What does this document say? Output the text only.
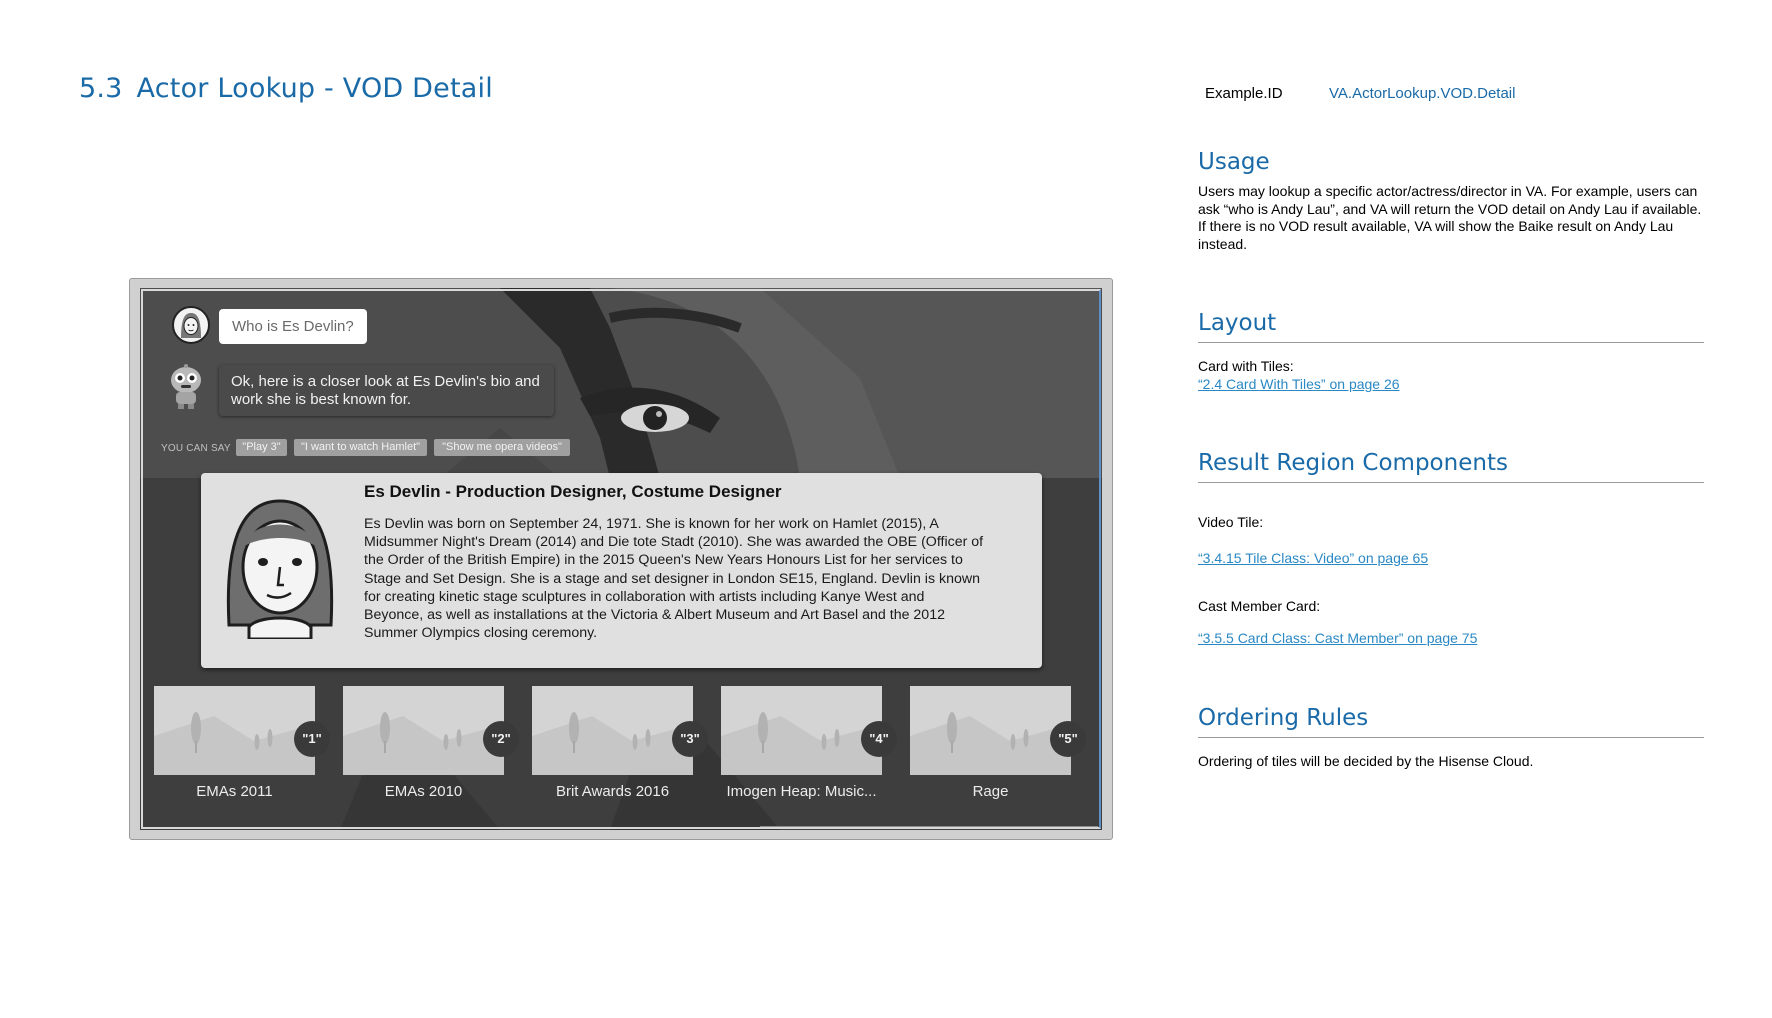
5.3 Actor Lookup - VOD Detail	Example.ID	VA.ActorLookup.VOD.Detail
Usage

Users may lookup a specific actor/actress/director in VA. For example, users can ask “who is Andy Lau”, and VA will return the VOD detail on Andy Lau if available. If there is no VOD result available, VA will show the Baike result on Andy Lau instead.

Layout

Card with Tiles:

“2.4 Card With Tiles” on page 26
Result Region Components

Video Tile:

“3.4.15 Tile Class: Video” on page 65

Cast Member Card:

“3.5.5 Card Class: Cast Member” on page 75
Ordering Rules

Ordering of tiles will be decided by the Hisense Cloud.

Who is Es Devlin?
Ok, here is a closer look at Es Devlin's bio and work she is best known for.
YOU CAN SAY	"Play 3"	"I want to watch Hamlet"	"Show me opera videos"
Es Devlin - Production Designer, Costume Designer
Es Devlin was born on September 24, 1971. She is known for her work on Hamlet (2015), A Midsummer Night's Dream (2014) and Die tote Stadt (2010). She was awarded the OBE (Officer of the Order of the British Empire) in the 2015 Queen's New Years Honours List for her services to Stage and Set Design. She is a stage and set designer in London SE15, England. Devlin is known for creating kinetic stage sculptures in collaboration with artists including Kanye West and Beyonce, as well as installations at the Victoria & Albert Museum and Art Basel and the 2012 Summer Olympics closing ceremony.
"1"
EMAs 2011
"2"
EMAs 2010
"3"
Brit Awards 2016
"4"
Imogen Heap: Music...
"5"
Rage
